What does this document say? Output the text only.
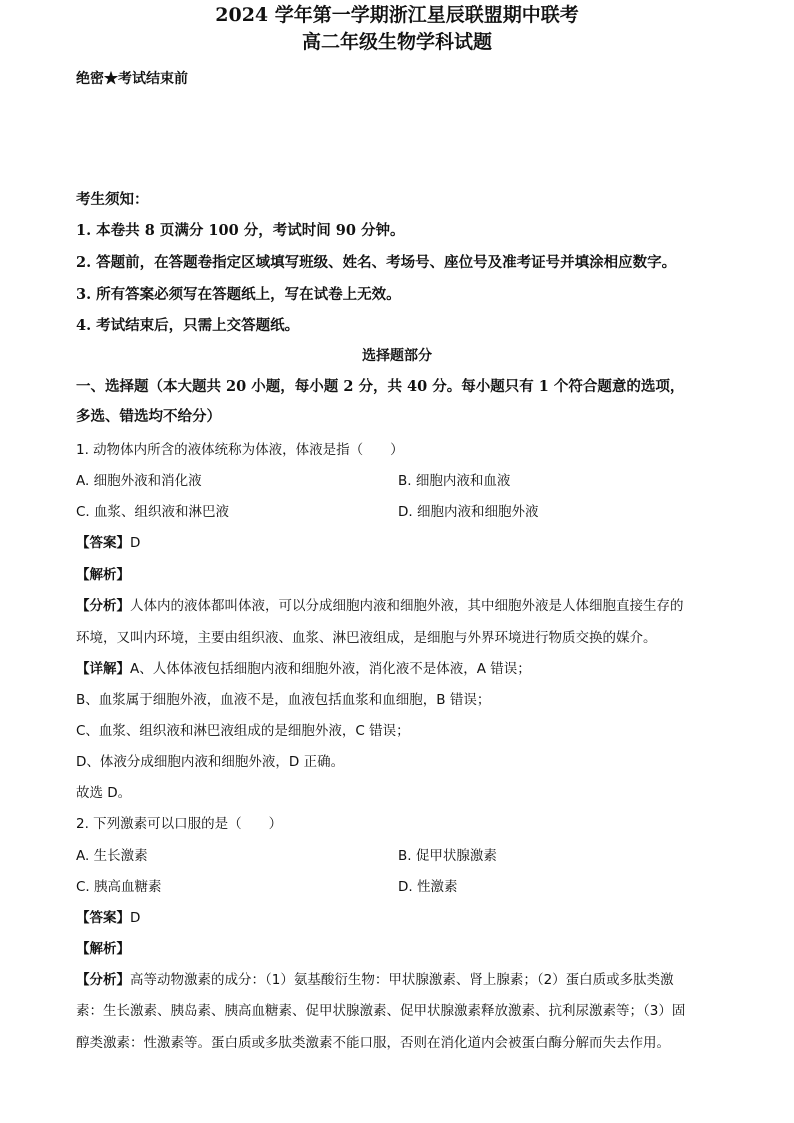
绝密★考试结束前
2024 学年第一学期浙江星辰联盟期中联考
高二年级生物学科试题
考生须知：
1. 本卷共 8 页满分 100 分，考试时间 90 分钟。
2. 答题前，在答题卷指定区域填写班级、姓名、考场号、座位号及准考证号并填涂相应数字。
3. 所有答案必须写在答题纸上，写在试卷上无效。
4. 考试结束后，只需上交答题纸。
选择题部分
一、选择题（本大题共 20 小题，每小题 2 分，共 40 分。每小题只有 1 个符合题意的选项，
多选、错选均不给分）
1. 动物体内所含的液体统称为体液，体液是指（　　）
A. 细胞外液和消化液	B. 细胞内液和血液
C. 血浆、组织液和淋巴液	D. 细胞内液和细胞外液
【答案】D
【解析】
【分析】人体内的液体都叫体液，可以分成细胞内液和细胞外液，其中细胞外液是人体细胞直接生存的
环境，又叫内环境，主要由组织液、血浆、淋巴液组成，是细胞与外界环境进行物质交换的媒介。
【详解】A、人体体液包括细胞内液和细胞外液，消化液不是体液，A 错误；
B、血浆属于细胞外液，血液不是，血液包括血浆和血细胞，B 错误；
C、血浆、组织液和淋巴液组成的是细胞外液，C 错误；
D、体液分成细胞内液和细胞外液，D 正确。
故选 D。
2. 下列激素可以口服的是（　　）
A. 生长激素	B. 促甲状腺激素
C. 胰高血糖素	D. 性激素
【答案】D
【解析】
【分析】高等动物激素的成分：（1）氨基酸衍生物：甲状腺激素、肾上腺素；（2）蛋白质或多肽类激
素：生长激素、胰岛素、胰高血糖素、促甲状腺激素、促甲状腺激素释放激素、抗利尿激素等；（3）固
醇类激素：性激素等。蛋白质或多肽类激素不能口服，否则在消化道内会被蛋白酶分解而失去作用。
